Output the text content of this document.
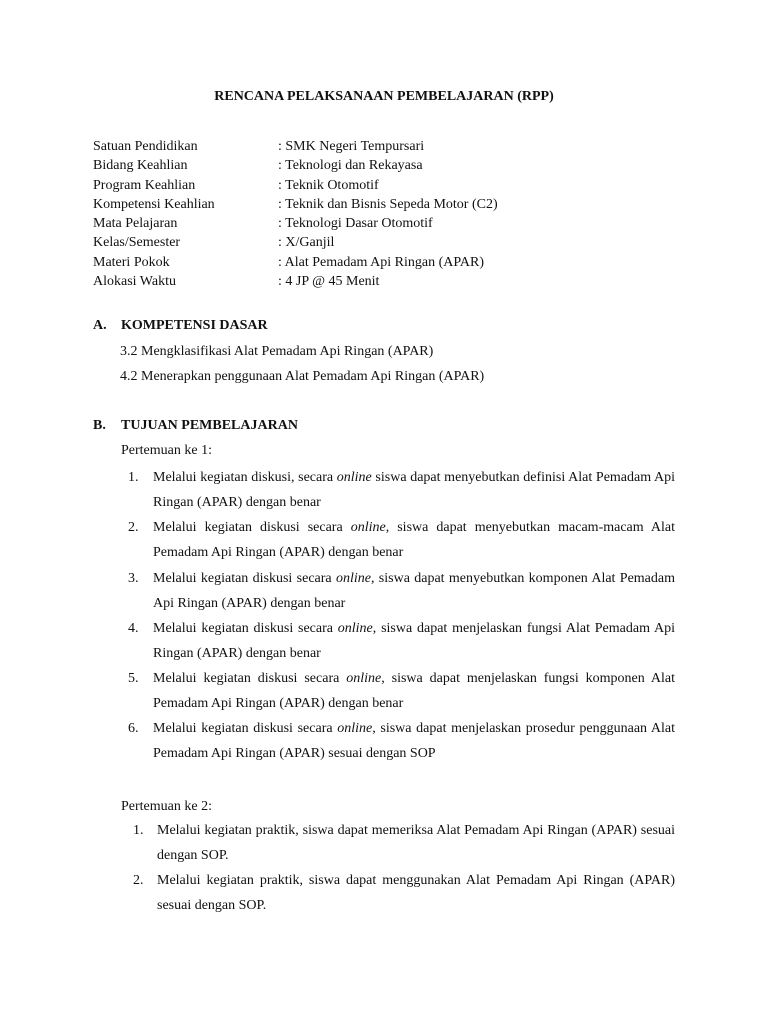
RENCANA PELAKSANAAN PEMBELAJARAN (RPP)
Satuan Pendidikan	: SMK Negeri Tempursari
Bidang Keahlian	: Teknologi dan Rekayasa
Program Keahlian	: Teknik Otomotif
Kompetensi Keahlian	: Teknik dan Bisnis Sepeda Motor (C2)
Mata Pelajaran	: Teknologi Dasar Otomotif
Kelas/Semester	: X/Ganjil
Materi Pokok	: Alat Pemadam Api Ringan (APAR)
Alokasi Waktu	: 4 JP @ 45 Menit
A. KOMPETENSI DASAR
3.2 Mengklasifikasi Alat Pemadam Api Ringan (APAR)
4.2 Menerapkan penggunaan Alat Pemadam Api Ringan (APAR)
B. TUJUAN PEMBELAJARAN
Pertemuan ke 1:
1. Melalui kegiatan diskusi, secara online siswa dapat menyebutkan definisi Alat Pemadam Api Ringan (APAR) dengan benar
2. Melalui kegiatan diskusi secara online, siswa dapat menyebutkan macam-macam Alat Pemadam Api Ringan (APAR) dengan benar
3. Melalui kegiatan diskusi secara online, siswa dapat menyebutkan komponen Alat Pemadam Api Ringan (APAR) dengan benar
4. Melalui kegiatan diskusi secara online, siswa dapat menjelaskan fungsi Alat Pemadam Api Ringan (APAR) dengan benar
5. Melalui kegiatan diskusi secara online, siswa dapat menjelaskan fungsi komponen Alat Pemadam Api Ringan (APAR) dengan benar
6. Melalui kegiatan diskusi secara online, siswa dapat menjelaskan prosedur penggunaan Alat Pemadam Api Ringan (APAR) sesuai dengan SOP
Pertemuan ke 2:
1. Melalui kegiatan praktik, siswa dapat memeriksa Alat Pemadam Api Ringan (APAR) sesuai dengan SOP.
2. Melalui kegiatan praktik, siswa dapat menggunakan Alat Pemadam Api Ringan (APAR) sesuai dengan SOP.
